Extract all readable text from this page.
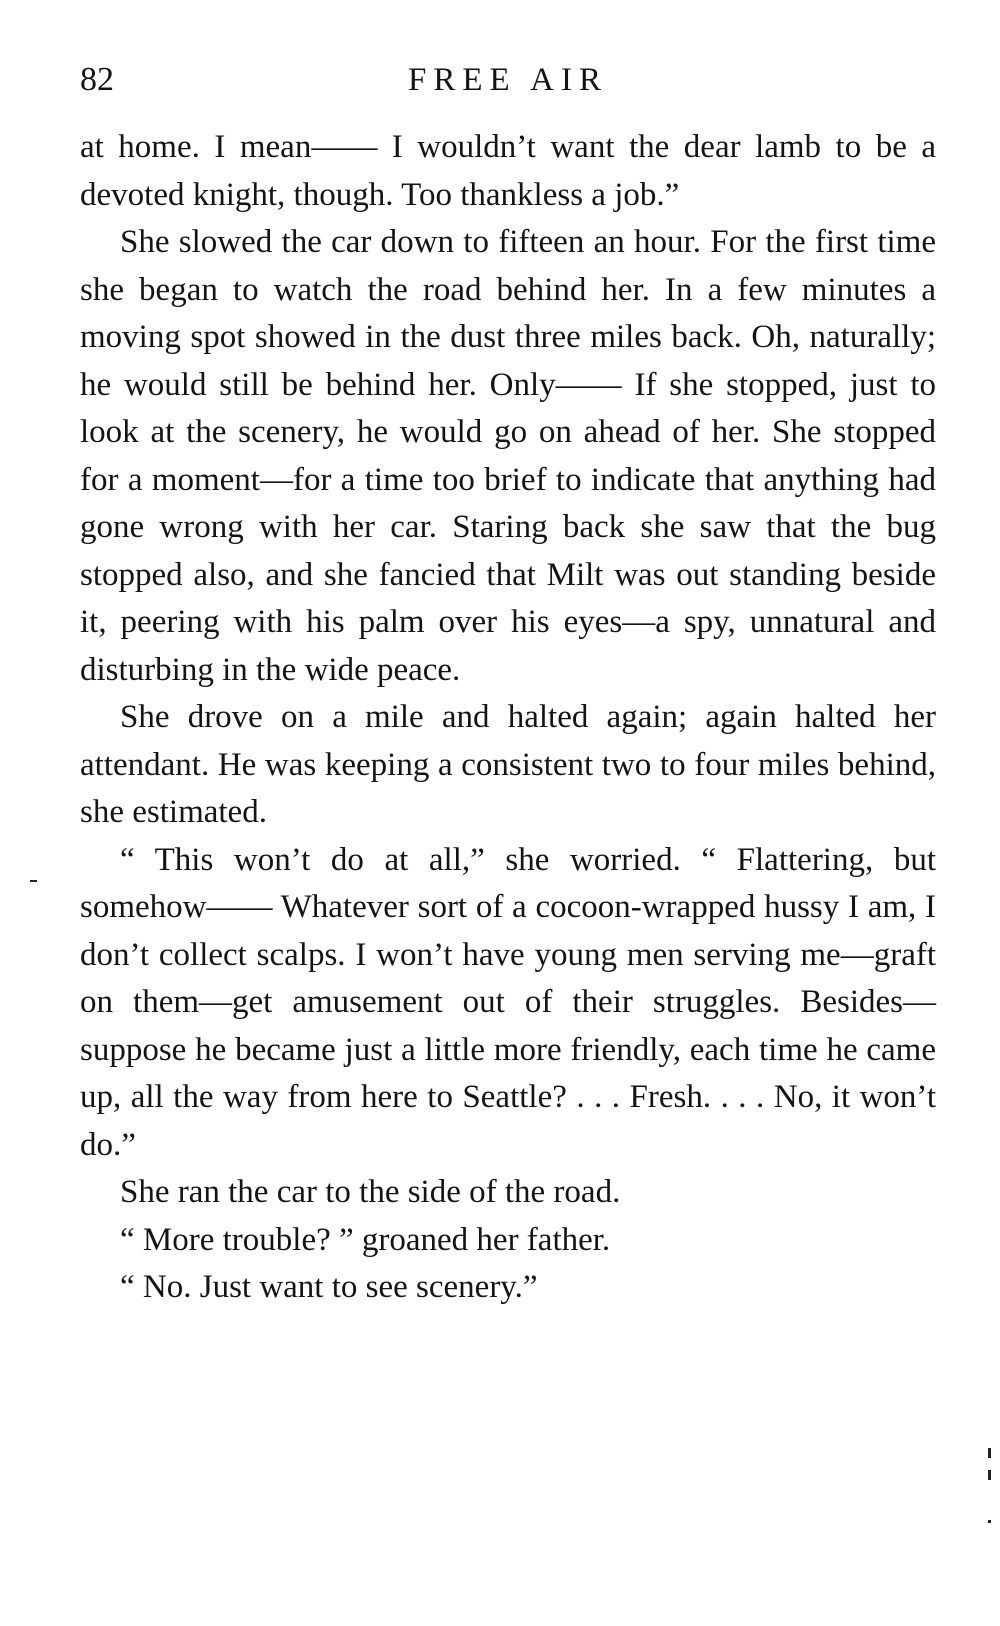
82	FREE AIR

at home. I mean—— I wouldn’t want the dear lamb to be a devoted knight, though. Too thankless a job.”

She slowed the car down to fifteen an hour. For the first time she began to watch the road behind her. In a few minutes a moving spot showed in the dust three miles back. Oh, naturally; he would still be behind her. Only—— If she stopped, just to look at the scenery, he would go on ahead of her. She stopped for a moment—for a time too brief to indicate that anything had gone wrong with her car. Staring back she saw that the bug stopped also, and she fancied that Milt was out standing beside it, peering with his palm over his eyes—a spy, unnatural and disturbing in the wide peace.

She drove on a mile and halted again; again halted her attendant. He was keeping a consistent two to four miles behind, she estimated.

“ This won’t do at all,” she worried. “ Flattering, but somehow—— Whatever sort of a cocoon-wrapped hussy I am, I don’t collect scalps. I won’t have young men serving me—graft on them—get amusement out of their struggles. Besides—suppose he became just a little more friendly, each time he came up, all the way from here to Seattle? . . . Fresh. . . . No, it won’t do.”

She ran the car to the side of the road.

“ More trouble? ” groaned her father.

“ No. Just want to see scenery.”
